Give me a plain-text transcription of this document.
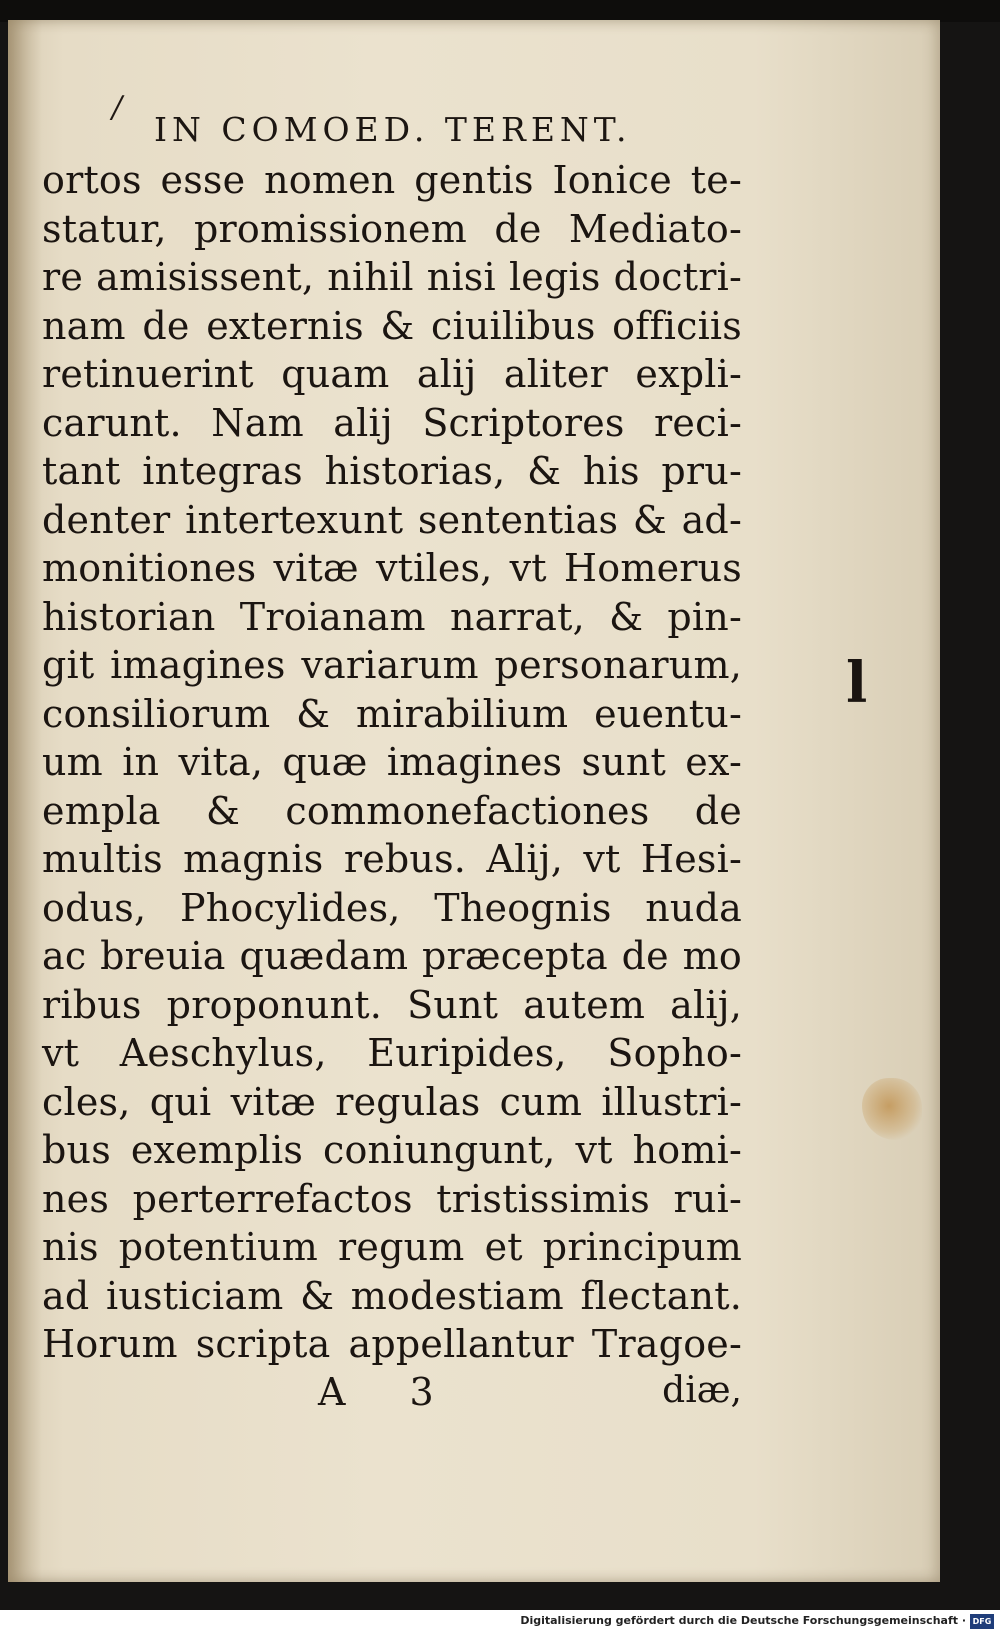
/
IN COMOED. TERENT.
ortos esse nomen gentis Ionice te-
statur, promissionem de Mediato-
re amisissent, nihil nisi legis doctri-
nam de externis & ciuilibus officiis
retinuerint quam alij aliter expli-
carunt. Nam alij Scriptores reci-
tant integras historias, & his pru-
denter intertexunt sententias & ad-
monitiones vitæ vtiles, vt Homerus
historian Troianam narrat, & pin-
git imagines variarum personarum,
consiliorum & mirabilium euentu-
um in vita, quæ imagines sunt ex-
empla & commonefactiones de
multis magnis rebus. Alij, vt Hesi-
odus, Phocylides, Theognis nuda
ac breuia quædam præcepta de mo
ribus proponunt. Sunt autem alij,
vt Aeschylus, Euripides, Sopho-
cles, qui vitæ regulas cum illustri-
bus exemplis coniungunt, vt homi-
nes perterrefactos tristissimis rui-
nis potentium regum et principum
ad iusticiam & modestiam flectant.
Horum scripta appellantur Tragoe-
A 3	diæ,
l
Digitalisierung gefördert durch die Deutsche Forschungsgemeinschaft · DFG
